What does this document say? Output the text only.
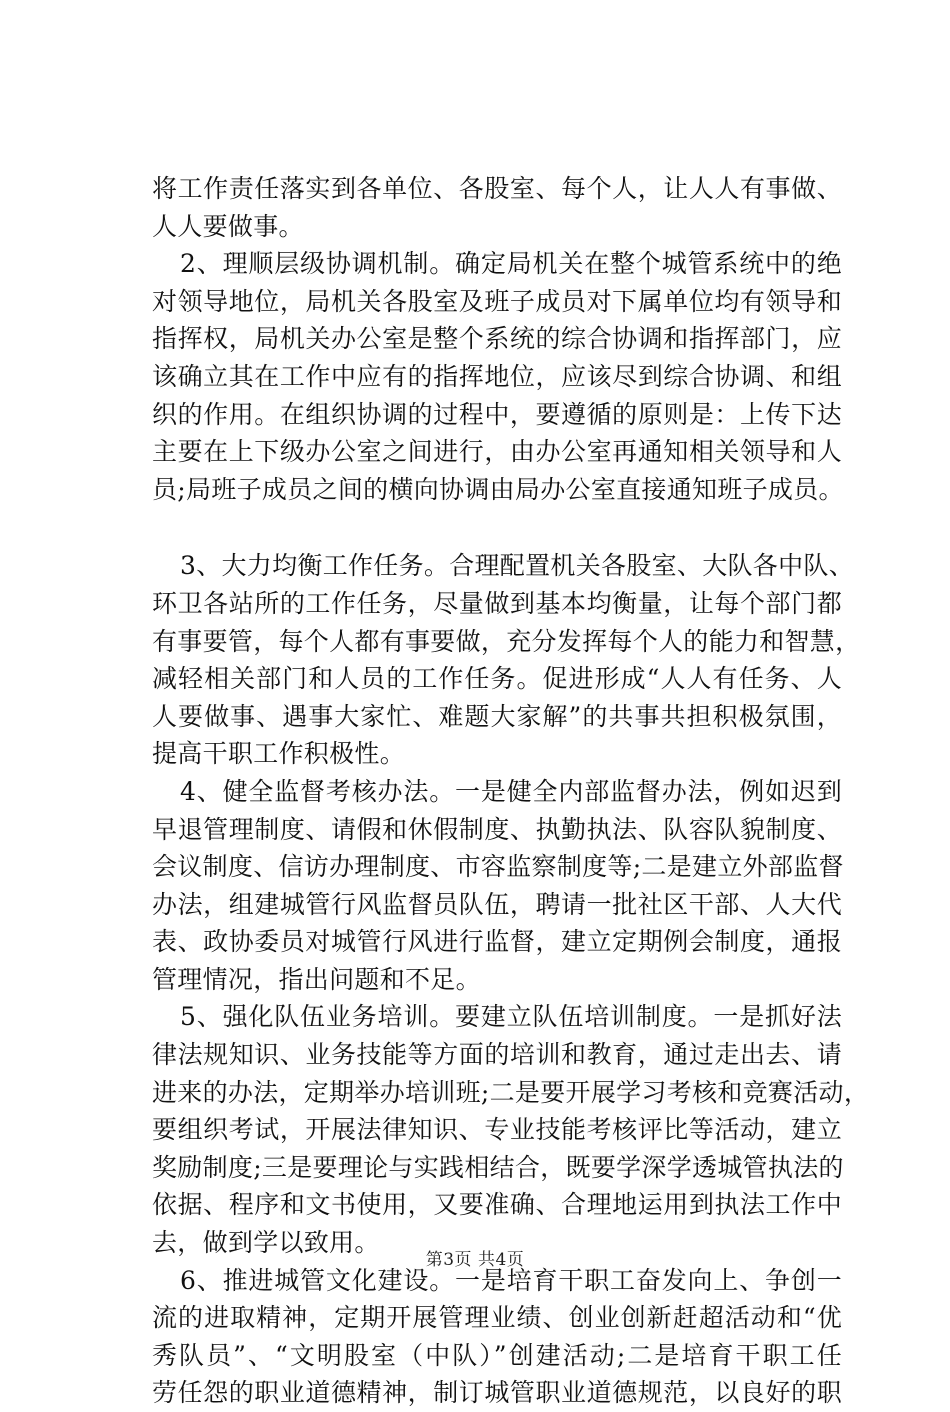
将工作责任落实到各单位、各股室、每个人，让人人有事做、
人人要做事。
2、理顺层级协调机制。确定局机关在整个城管系统中的绝
对领导地位，局机关各股室及班子成员对下属单位均有领导和
指挥权，局机关办公室是整个系统的综合协调和指挥部门，应
该确立其在工作中应有的指挥地位，应该尽到综合协调、和组
织的作用。在组织协调的过程中，要遵循的原则是：上传下达
主要在上下级办公室之间进行，由办公室再通知相关领导和人
员;局班子成员之间的横向协调由局办公室直接通知班子成员。
3、大力均衡工作任务。合理配置机关各股室、大队各中队、
环卫各站所的工作任务，尽量做到基本均衡量，让每个部门都
有事要管，每个人都有事要做，充分发挥每个人的能力和智慧，
减轻相关部门和人员的工作任务。促进形成“人人有任务、人
人要做事、遇事大家忙、难题大家解”的共事共担积极氛围，
提高干职工作积极性。
4、健全监督考核办法。一是健全内部监督办法，例如迟到
早退管理制度、请假和休假制度、执勤执法、队容队貌制度、
会议制度、信访办理制度、市容监察制度等;二是建立外部监督
办法，组建城管行风监督员队伍，聘请一批社区干部、人大代
表、政协委员对城管行风进行监督，建立定期例会制度，通报
管理情况，指出问题和不足。
5、强化队伍业务培训。要建立队伍培训制度。一是抓好法
律法规知识、业务技能等方面的培训和教育，通过走出去、请
进来的办法，定期举办培训班;二是要开展学习考核和竞赛活动，
要组织考试，开展法律知识、专业技能考核评比等活动，建立
奖励制度;三是要理论与实践相结合，既要学深学透城管执法的
依据、程序和文书使用，又要准确、合理地运用到执法工作中
去，做到学以致用。
6、推进城管文化建设。一是培育干职工奋发向上、争创一
流的进取精神，定期开展管理业绩、创业创新赶超活动和“优
秀队员”、“文明股室（中队）”创建活动;二是培育干职工任
劳任怨的职业道德精神，制订城管职业道德规范，以良好的职
第3页 共4页
